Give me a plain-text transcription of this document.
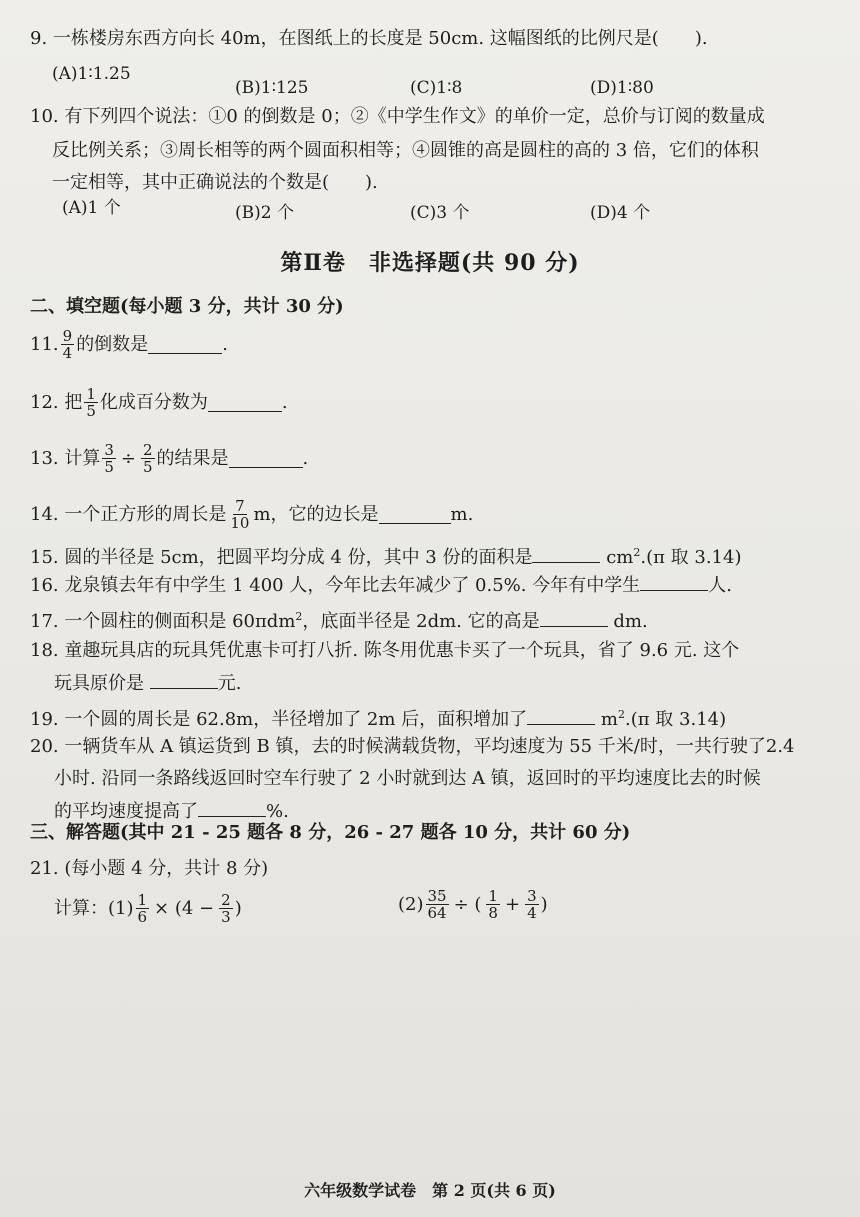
9. 一栋楼房东西方向长 40m，在图纸上的长度是 50cm. 这幅图纸的比例尺是(　　).
(A)1∶1.25
(B)1∶125	(C)1∶8	(D)1∶80
10. 有下列四个说法：①0 的倒数是 0；②《中学生作文》的单价一定，总价与订阅的数量成
反比例关系；③周长相等的两个圆面积相等；④圆锥的高是圆柱的高的 3 倍，它们的体积
一定相等，其中正确说法的个数是(　　).
(A)1 个	(B)2 个	(C)3 个	(D)4 个
第Ⅱ卷　非选择题(共 90 分)
二、填空题(每小题 3 分，共计 30 分)
11. $\frac{9}{4}$ 的倒数是	.
12. 把 $\frac{1}{5}$ 化成百分数为	.
13. 计算 $\frac{3}{5} \div \frac{2}{5}$ 的结果是	.
14. 一个正方形的周长是 $\frac{7}{10}$ m，它的边长是	m.
15. 圆的半径是 5cm，把圆平均分成 4 份，其中 3 份的面积是	$cm^2.(\pi$ 取 3.14)
16. 龙泉镇去年有中学生 1 400 人，今年比去年减少了 0.5%. 今年有中学生	人.
17. 一个圆柱的侧面积是 60πdm$^2$，底面半径是 2dm. 它的高是	dm.
18. 童趣玩具店的玩具凭优惠卡可打八折. 陈冬用优惠卡买了一个玩具，省了 9.6 元. 这个
玩具原价是	元.
19. 一个圆的周长是 62.8m，半径增加了 2m 后，面积增加了	$m^2.(\pi$ 取 3.14)
20. 一辆货车从 A 镇运货到 B 镇，去的时候满载货物，平均速度为 55 千米/时，一共行驶了2.4
小时. 沿同一条路线返回时空车行驶了 2 小时就到达 A 镇，返回时的平均速度比去的时候
的平均速度提高了	%.
三、解答题(其中 21 - 25 题各 8 分，26 - 27 题各 10 分，共计 60 分)
21. (每小题 4 分，共计 8 分)
计算： $(1) \frac{1}{6} \times (4 - \frac{2}{3}$ )	$(2) \frac{35}{64}$ ÷ ( $\frac{1}{8} + \frac{3}{4}$ )
六年级数学试卷　第 2 页(共 6 页)
